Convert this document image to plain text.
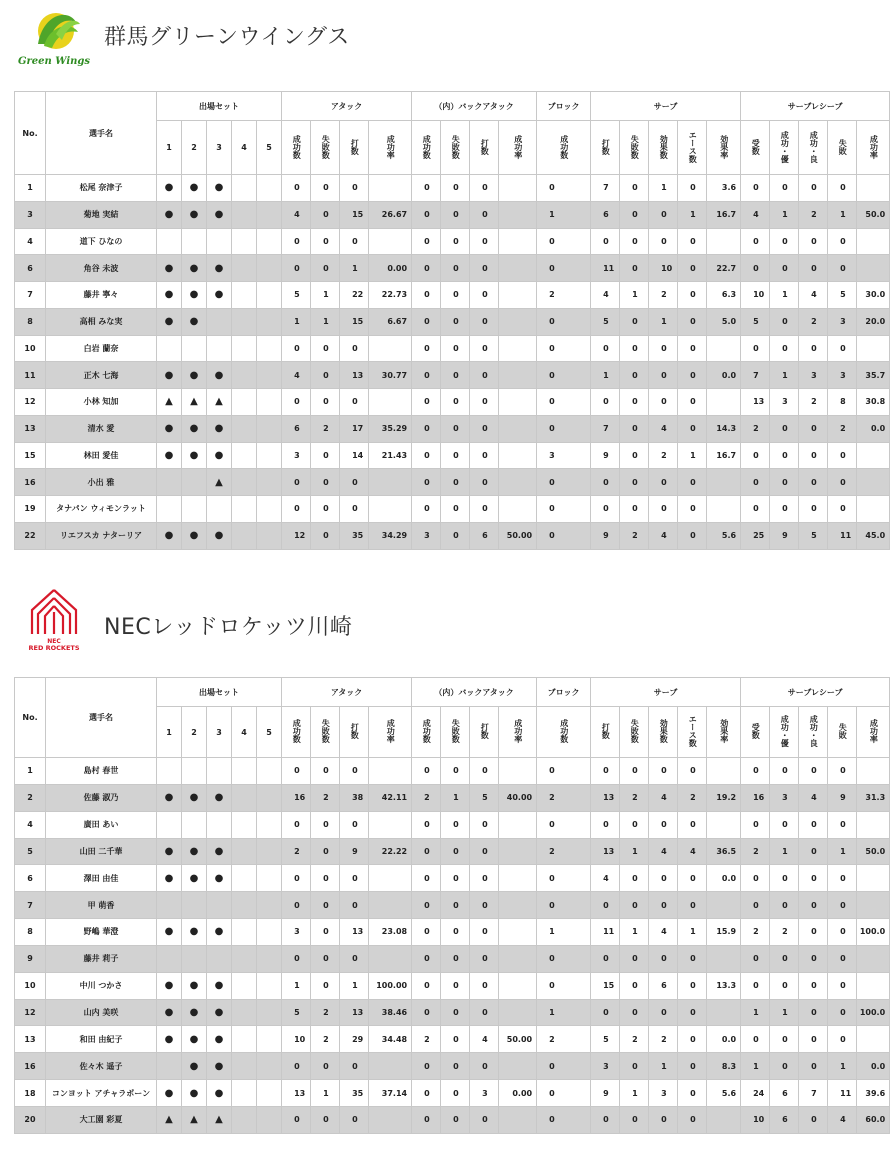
Green Wings
群馬グリーンウイングス
No.	選手名	出場セット					アタック				（内）バックアタック				ブロック	サーブ					サーブレシーブ				
		1	2	3	4	5	成功数	失敗数	打数	成功率	成功数	失敗数	打数	成功率	成功数	打数	失敗数	効果数	エース数	効果率	受数	成功・優	成功・良	失敗	成功率
1	松尾 奈津子	●	●	●			0	0	0		0	0	0		0	7	0	1	0	3.6	0	0	0	0	
3	菊地 実結	●	●	●			4	0	15	26.67	0	0	0		1	6	0	0	1	16.7	4	1	2	1	50.0
4	道下 ひなの						0	0	0		0	0	0		0	0	0	0	0		0	0	0	0	
6	角谷 未波	●	●	●			0	0	1	0.00	0	0	0		0	11	0	10	0	22.7	0	0	0	0	
7	藤井 寧々	●	●	●			5	1	22	22.73	0	0	0		2	4	1	2	0	6.3	10	1	4	5	30.0
8	高相 みな実	●	●				1	1	15	6.67	0	0	0		0	5	0	1	0	5.0	5	0	2	3	20.0
10	白岩 蘭奈						0	0	0		0	0	0		0	0	0	0	0		0	0	0	0	
11	正木 七海	●	●	●			4	0	13	30.77	0	0	0		0	1	0	0	0	0.0	7	1	3	3	35.7
12	小林 知加	▲	▲	▲			0	0	0		0	0	0		0	0	0	0	0		13	3	2	8	30.8
13	清水 愛	●	●	●			6	2	17	35.29	0	0	0		0	7	0	4	0	14.3	2	0	0	2	0.0
15	林田 愛佳	●	●	●			3	0	14	21.43	0	0	0		3	9	0	2	1	16.7	0	0	0	0	
16	小出 雅			▲			0	0	0		0	0	0		0	0	0	0	0		0	0	0	0	
19	タナパン ウィモンラット						0	0	0		0	0	0		0	0	0	0	0		0	0	0	0	
22	リエフスカ ナターリア	●	●	●			12	0	35	34.29	3	0	6	50.00	0	9	2	4	0	5.6	25	9	5	11	45.0
NEC
RED ROCKETS
NECレッドロケッツ川崎
No.	選手名	出場セット					アタック				（内）バックアタック				ブロック	サーブ					サーブレシーブ				
		1	2	3	4	5	成功数	失敗数	打数	成功率	成功数	失敗数	打数	成功率	成功数	打数	失敗数	効果数	エース数	効果率	受数	成功・優	成功・良	失敗	成功率
1	島村 春世						0	0	0		0	0	0		0	0	0	0	0		0	0	0	0	
2	佐藤 淑乃	●	●	●			16	2	38	42.11	2	1	5	40.00	2	13	2	4	2	19.2	16	3	4	9	31.3
4	廣田 あい						0	0	0		0	0	0		0	0	0	0	0		0	0	0	0	
5	山田 二千華	●	●	●			2	0	9	22.22	0	0	0		2	13	1	4	4	36.5	2	1	0	1	50.0
6	澤田 由佳	●	●	●			0	0	0		0	0	0		0	4	0	0	0	0.0	0	0	0	0	
7	甲 萌香						0	0	0		0	0	0		0	0	0	0	0		0	0	0	0	
8	野嶋 華澄	●	●	●			3	0	13	23.08	0	0	0		1	11	1	4	1	15.9	2	2	0	0	100.0
9	藤井 莉子						0	0	0		0	0	0		0	0	0	0	0		0	0	0	0	
10	中川 つかさ	●	●	●			1	0	1	100.00	0	0	0		0	15	0	6	0	13.3	0	0	0	0	
12	山内 美咲	●	●	●			5	2	13	38.46	0	0	0		1	0	0	0	0		1	1	0	0	100.0
13	和田 由紀子	●	●	●			10	2	29	34.48	2	0	4	50.00	2	5	2	2	0	0.0	0	0	0	0	
16	佐々木 遥子		●	●			0	0	0		0	0	0		0	3	0	1	0	8.3	1	0	0	1	0.0
18	コンヨット アチャラポーン	●	●	●			13	1	35	37.14	0	0	3	0.00	0	9	1	3	0	5.6	24	6	7	11	39.6
20	大工園 彩夏	▲	▲	▲			0	0	0		0	0	0		0	0	0	0	0		10	6	0	4	60.0
